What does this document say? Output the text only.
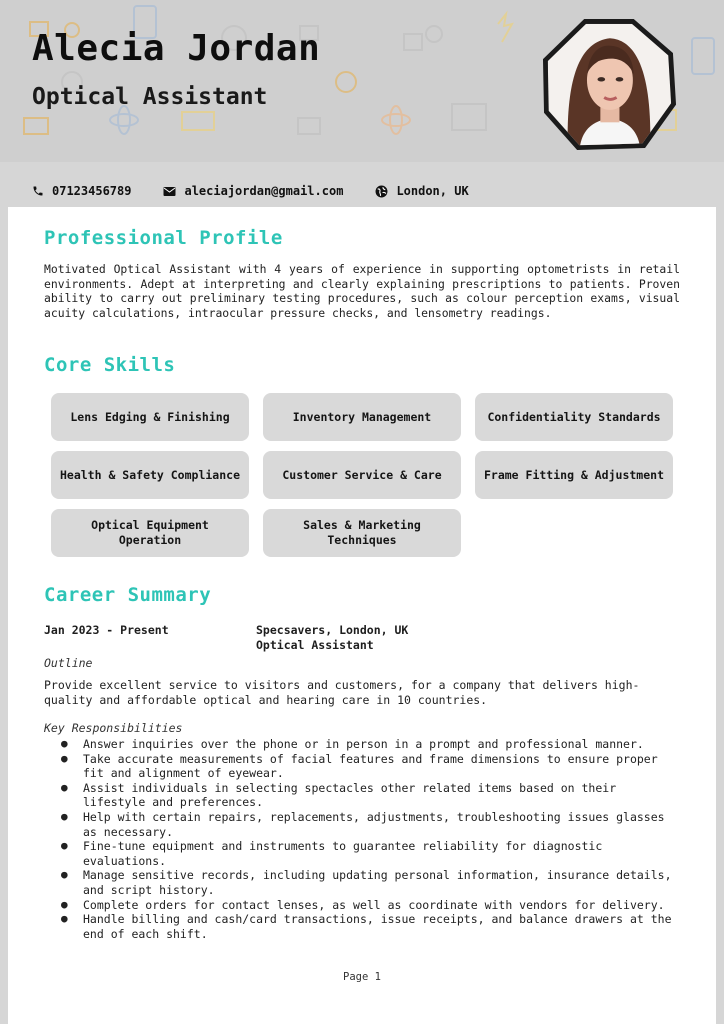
Alecia Jordan
Optical Assistant
07123456789	aleciajordan@gmail.com	London, UK
Professional Profile

Motivated Optical Assistant with 4 years of experience in supporting optometrists in retail environments. Adept at interpreting and clearly explaining prescriptions to patients. Proven ability to carry out preliminary testing procedures, such as colour perception exams, visual acuity calculations, intraocular pressure checks, and lensometry readings.

Core Skills
Lens Edging & Finishing	Inventory Management	Confidentiality Standards
Health & Safety Compliance	Customer Service & Care	Frame Fitting & Adjustment
Optical Equipment Operation
Sales & Marketing Techniques
Career Summary
Jan 2023 - Present	Specsavers, London, UK
Optical Assistant
Outline

Provide excellent service to visitors and customers, for a company that delivers high-quality and affordable optical and hearing care in 10 countries.

Key Responsibilities
● Answer inquiries over the phone or in person in a prompt and professional manner.
● Take accurate measurements of facial features and frame dimensions to ensure proper fit and alignment of eyewear.
● Assist individuals in selecting spectacles other related items based on their lifestyle and preferences.
● Help with certain repairs, replacements, adjustments, troubleshooting issues glasses as necessary.
● Fine-tune equipment and instruments to guarantee reliability for diagnostic evaluations.
● Manage sensitive records, including updating personal information, insurance details, and script history.
● Complete orders for contact lenses, as well as coordinate with vendors for delivery.
● Handle billing and cash/card transactions, issue receipts, and balance drawers at the end of each shift.
Page 1
